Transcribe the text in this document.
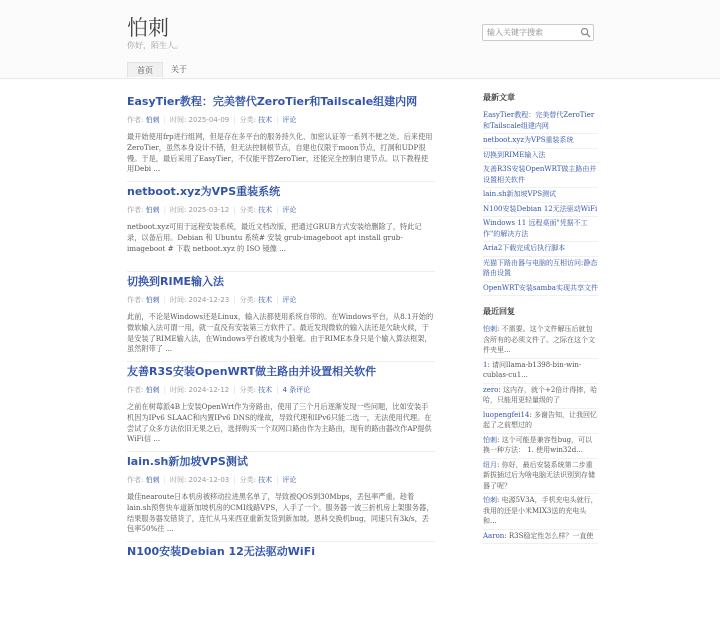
怕刺
你好，陌生人。
输入关键字搜索
首页	关于
EasyTier教程：完美替代ZeroTier和Tailscale组建内网
作者: 怕刺 | 时间: 2025-04-09 | 分类: 技术 | 评论
最开始使用frp进行组网，但是存在多平台的服务持久化、加密认证等一系列不便之处。后来使用ZeroTier，虽然本身设计不错，但无法控制根节点，自建也仅限于moon节点，打洞和UDP很慢。于是，最后采用了EasyTier，不仅能平替ZeroTier，还能完全控制自建节点。以下教程使用Debi ...
netboot.xyz为VPS重装系统
作者: 怕刺 | 时间: 2025-03-12 | 分类: 技术 | 评论
netboot.xyz可用于远程安装系统，最近文档改版，把通过GRUB方式安装给删除了，特此记录，以备后用。Debian 和 Ubuntu 系统# 安装 grub-imageboot apt install grub-imageboot # 下载 netboot.xyz 的 ISO 镜像 ...
切换到RIME输入法
作者: 怕刺 | 时间: 2024-12-23 | 分类: 技术 | 评论
此前，不论是Windows还是Linux，输入法都使用系统自带的。在Windows平台，从8.1开始的微软输入法可谓一用，就一直没有安装第三方软件了。最近发现微软的输入法还是欠缺火候，于是安装了RIME输入法，在Windows平台被成为小狼毫。由于RIME本身只是个输入算法框架，虽然附带了 ...
友善R3S安装OpenWRT做主路由并设置相关软件
作者: 怕刺 | 时间: 2024-12-12 | 分类: 技术 | 4 条评论
之前在树莓派4B上安装OpenWrt作为旁路由，使用了三个月后逐渐发现一些问题，比如安装手机因为IPv6 SLAAC和内置IPv6 DNS的缘故，导致代理和IPv6只能二选一，无法使用代理。在尝试了众多方法依旧无果之后，选择购买一个双网口路由作为主路由，现有的路由器改作AP提供WiFi信 ...
lain.sh新加坡VPS测试
作者: 怕刺 | 时间: 2024-12-03 | 分类: 技术 | 评论
最佳nearoute日本机房被移动拉进黑名单了，导致被QOS到30Mbps，丢包率严重。趁着lain.sh预售快车道新加坡机房的CMI线路VPS，入手了一个。服务器一波三折机房上架服务器，结果服务器发错货了，连忙从马来西亚重新发货到新加坡。恩科交换机bug，同速只有3k/s，丢包率50%往 ...
N100安装Debian 12无法驱动WiFi
最新文章
EasyTier教程：完美替代ZeroTier和Tailscale组建内网
netboot.xyz为VPS重装系统
切换到RIME输入法
友善R3S安装OpenWRT做主路由并设置相关软件
lain.sh新加坡VPS测试
N100安装Debian 12无法驱动WiFi
Windows 11 远程桌面"凭据不工作"的解决方法
Aria2下载完成后执行脚本
光猫下路由器与电脑的互相访问:静态路由设置
OpenWRT安装samba实现共享文件
最近回复
怕刺: 不需要。这个文件解压后就包含所有的必须文件了。之际在这个文件夹里...
1: 请问llama-b1398-bin-win-cublas-cu1...
zero: 这内存，就个+2倍计得摔，哈哈，只能用更轻量级的了
luopengfei14: 多谢告知，让我回忆起了之前想过的
怕刺: 这个可能是兼容性bug，可以换一种方法： 1. 使用win32d...
纽月: 你好，最后安装系统第二步重新拔插过后为啥电脑无法识别到存储器了呢？
怕刺: 电源5V3A，手机充电头就行，我用的还是小米MIX3送的充电头和...
Aaron: R3S稳定性怎么样？一直使
